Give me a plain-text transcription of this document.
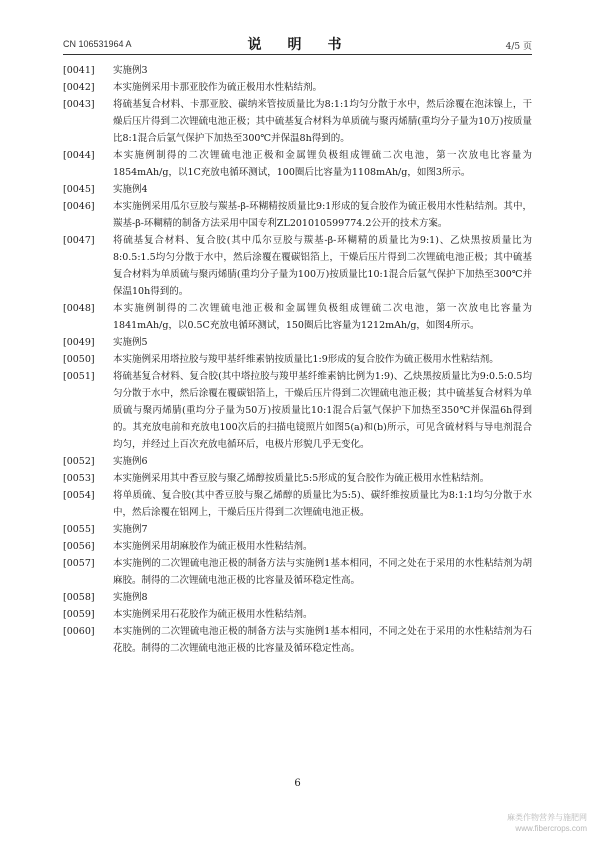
CN 106531964 A	说　明　书	4/5 页
[0041] 实施例3
[0042] 本实施例采用卡那亚胶作为硫正极用水性粘结剂。
[0043] 将硫基复合材料、卡那亚胶、碳纳米管按质量比为8:1:1均匀分散于水中，然后涂覆在泡沫镍上，干燥后压片得到二次锂硫电池正极；其中硫基复合材料为单质硫与聚丙烯腈(重均分子量为10万)按质量比8:1混合后氩气保护下加热至300℃并保温8h得到的。
[0044] 本实施例制得的二次锂硫电池正极和金属锂负极组成锂硫二次电池，第一次放电比容量为1854mAh/g，以1C充放电循环测试，100圈后比容量为1108mAh/g，如图3所示。
[0045] 实施例4
[0046] 本实施例采用瓜尔豆胶与羰基-β-环糊精按质量比9:1形成的复合胶作为硫正极用水性粘结剂。其中，羰基-β-环糊精的制备方法采用中国专利ZL201010599774.2公开的技术方案。
[0047] 将硫基复合材料、复合胶(其中瓜尔豆胶与羰基-β-环糊精的质量比为9:1)、乙炔黑按质量比为8:0.5:1.5均匀分散于水中，然后涂覆在覆碳铝箔上，干燥后压片得到二次锂硫电池正极；其中硫基复合材料为单质硫与聚丙烯腈(重均分子量为100万)按质量比10:1混合后氩气保护下加热至300℃并保温10h得到的。
[0048] 本实施例制得的二次锂硫电池正极和金属锂负极组成锂硫二次电池，第一次放电比容量为1841mAh/g，以0.5C充放电循环测试，150圈后比容量为1212mAh/g，如图4所示。
[0049] 实施例5
[0050] 本实施例采用塔拉胶与羧甲基纤维素钠按质量比1:9形成的复合胶作为硫正极用水性粘结剂。
[0051] 将硫基复合材料、复合胶(其中塔拉胶与羧甲基纤维素钠比例为1:9)、乙炔黑按质量比为9:0.5:0.5均匀分散于水中，然后涂覆在覆碳铝箔上，干燥后压片得到二次锂硫电池正极；其中硫基复合材料为单质硫与聚丙烯腈(重均分子量为50万)按质量比10:1混合后氩气保护下加热至350℃并保温6h得到的。其充放电前和充放电100次后的扫描电镜照片如图5(a)和(b)所示，可见含硫材料与导电剂混合均匀，并经过上百次充放电循环后，电极片形貌几乎无变化。
[0052] 实施例6
[0053] 本实施例采用其中香豆胶与聚乙烯醇按质量比5:5形成的复合胶作为硫正极用水性粘结剂。
[0054] 将单质硫、复合胶(其中香豆胶与聚乙烯醇的质量比为5:5)、碳纤维按质量比为8:1:1均匀分散于水中，然后涂覆在铝网上，干燥后压片得到二次锂硫电池正极。
[0055] 实施例7
[0056] 本实施例采用胡麻胶作为硫正极用水性粘结剂。
[0057] 本实施例的二次锂硫电池正极的制备方法与实施例1基本相同，不同之处在于采用的水性粘结剂为胡麻胶。制得的二次锂硫电池正极的比容量及循环稳定性高。
[0058] 实施例8
[0059] 本实施例采用石花胶作为硫正极用水性粘结剂。
[0060] 本实施例的二次锂硫电池正极的制备方法与实施例1基本相同，不同之处在于采用的水性粘结剂为石花胶。制得的二次锂硫电池正极的比容量及循环稳定性高。
6
麻类作物营养与施肥网
www.fibercrops.com
